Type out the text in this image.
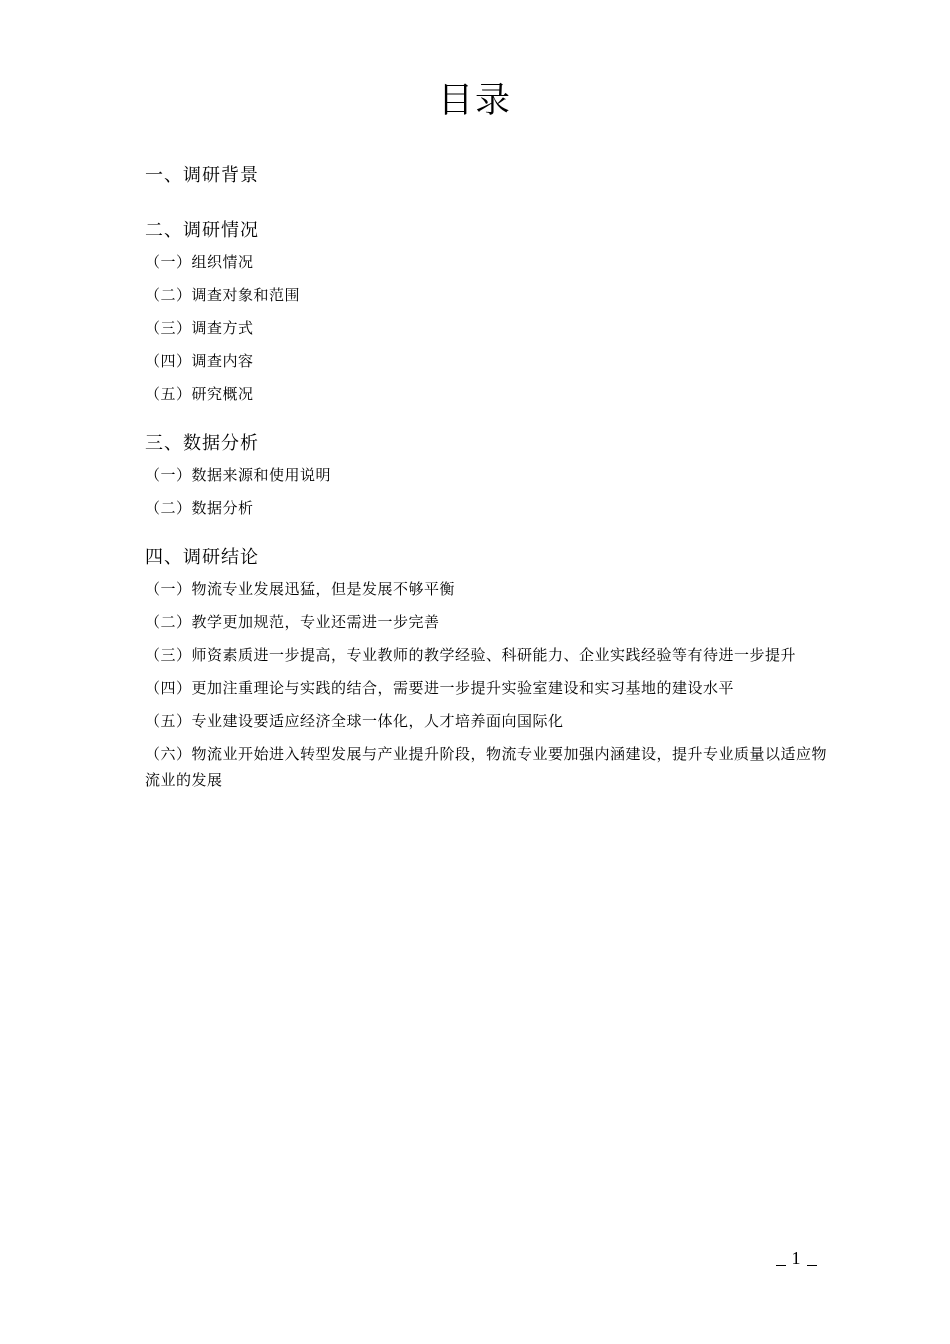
目录
一、调研背景
二、调研情况
（一）组织情况
（二）调查对象和范围
（三）调查方式
（四）调查内容
（五）研究概况
三、数据分析
（一）数据来源和使用说明
（二）数据分析
四、调研结论
（一）物流专业发展迅猛，但是发展不够平衡
（二）教学更加规范，专业还需进一步完善
（三）师资素质进一步提高，专业教师的教学经验、科研能力、企业实践经验等有待进一步提升
（四）更加注重理论与实践的结合，需要进一步提升实验室建设和实习基地的建设水平
（五）专业建设要适应经济全球一体化，人才培养面向国际化
（六）物流业开始进入转型发展与产业提升阶段，物流专业要加强内涵建设，提升专业质量以适应物流业的发展
1
